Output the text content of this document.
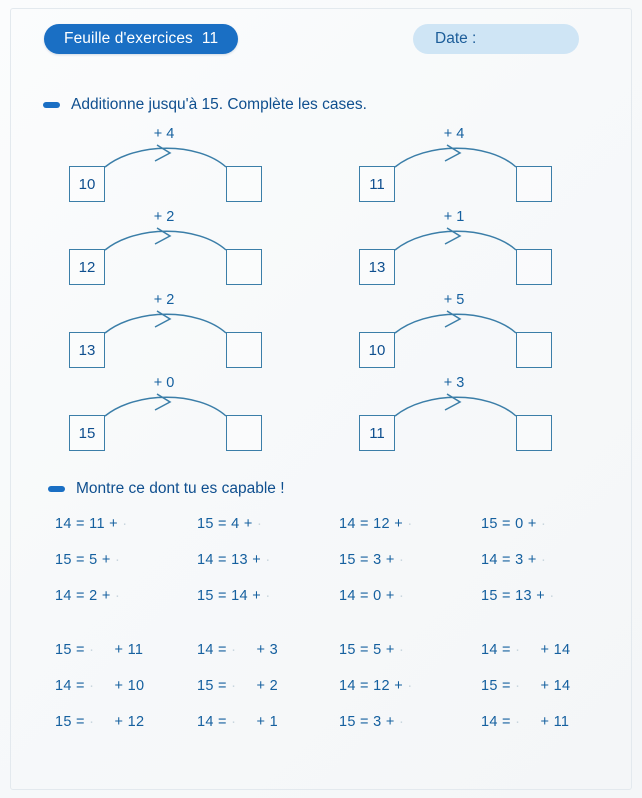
Feuille d'exercices 11	Date :
Additionne jusqu'à 15. Complète les cases.
+ 4
10
+ 4
11
+ 2
12
+ 1
13
+ 2
13
+ 5
10
+ 0
15
+ 3
11
Montre ce dont tu es capable !
14 = 11 + ·	15 = 4 + ·	14 = 12 + ·	15 = 0 +  ·
15 = 5 + ·	14 = 13 + ·	15 = 3 + ·	14 = 3 +  ·
14 = 2 + ·	15 = 14 + ·	14 = 0 + ·	15 = 13 +  ·
15 =  · + 11	14 =  · + 3	15 = 5 + ·	14 =  · + 14
14 =  · + 10	15 =  · + 2	14 = 12 + ·	15 =  · + 14
15 =  · + 12	14 =  · + 1	15 = 3 + ·	14 =  · + 11
